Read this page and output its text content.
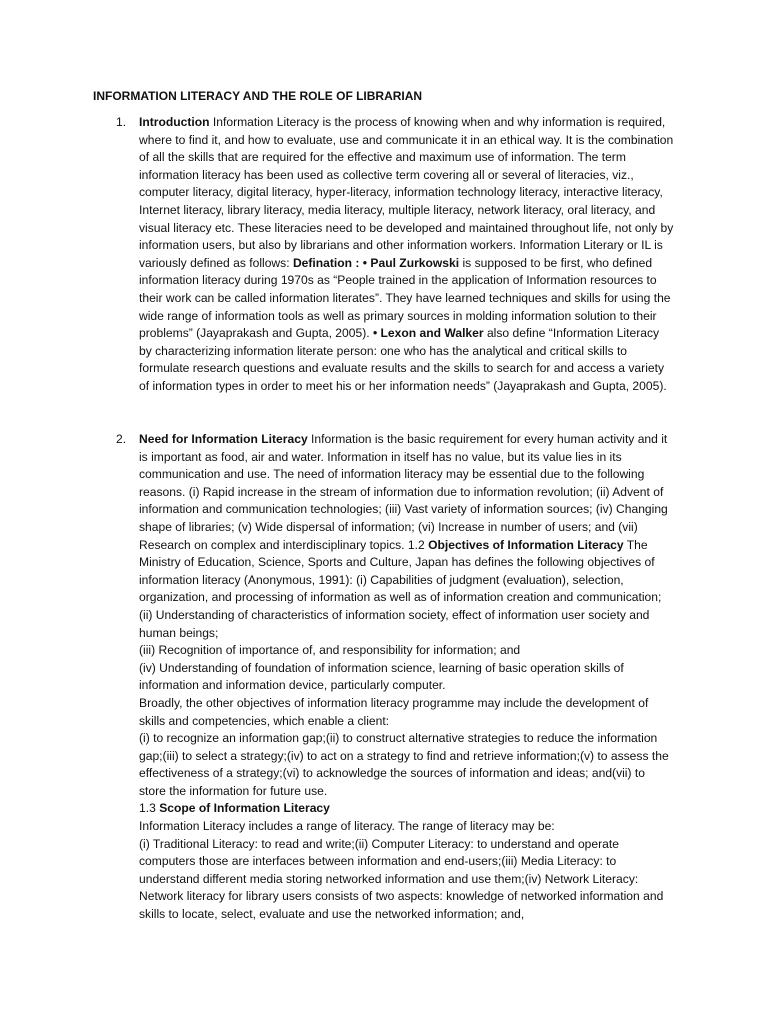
INFORMATION LITERACY AND THE ROLE OF LIBRARIAN

1. Introduction Information Literacy is the process of knowing when and why information is required, where to find it, and how to evaluate, use and communicate it in an ethical way. It is the combination of all the skills that are required for the effective and maximum use of information. The term information literacy has been used as collective term covering all or several of literacies, viz., computer literacy, digital literacy, hyper-literacy, information technology literacy, interactive literacy, Internet literacy, library literacy, media literacy, multiple literacy, network literacy, oral literacy, and visual literacy etc. These literacies need to be developed and maintained throughout life, not only by information users, but also by librarians and other information workers. Information Literary or IL is variously defined as follows: Defination : • Paul Zurkowski is supposed to be first, who defined information literacy during 1970s as “People trained in the application of Information resources to their work can be called information literates”. They have learned techniques and skills for using the wide range of information tools as well as primary sources in molding information solution to their problems” (Jayaprakash and Gupta, 2005). • Lexon and Walker also define “Information Literacy by characterizing information literate person: one who has the analytical and critical skills to formulate research questions and evaluate results and the skills to search for and access a variety of information types in order to meet his or her information needs” (Jayaprakash and Gupta, 2005).

2. Need for Information Literacy Information is the basic requirement for every human activity and it is important as food, air and water. Information in itself has no value, but its value lies in its communication and use. The need of information literacy may be essential due to the following reasons. (i) Rapid increase in the stream of information due to information revolution; (ii) Advent of information and communication technologies; (iii) Vast variety of information sources; (iv) Changing shape of libraries; (v) Wide dispersal of information; (vi) Increase in number of users; and (vii) Research on complex and interdisciplinary topics. 1.2 Objectives of Information Literacy The Ministry of Education, Science, Sports and Culture, Japan has defines the following objectives of information literacy (Anonymous, 1991): (i) Capabilities of judgment (evaluation), selection, organization, and processing of information as well as of information creation and communication; (ii) Understanding of characteristics of information society, effect of information user society and human beings;

(iii) Recognition of importance of, and responsibility for information; and

(iv) Understanding of foundation of information science, learning of basic operation skills of information and information device, particularly computer.

Broadly, the other objectives of information literacy programme may include the development of skills and competencies, which enable a client:

(i) to recognize an information gap;(ii) to construct alternative strategies to reduce the information gap;(iii) to select a strategy;(iv) to act on a strategy to find and retrieve information;(v) to assess the effectiveness of a strategy;(vi) to acknowledge the sources of information and ideas; and(vii) to store the information for future use.

1.3 Scope of Information Literacy

Information Literacy includes a range of literacy. The range of literacy may be:

(i) Traditional Literacy: to read and write;(ii) Computer Literacy: to understand and operate computers those are interfaces between information and end-users;(iii) Media Literacy: to understand different media storing networked information and use them;(iv) Network Literacy: Network literacy for library users consists of two aspects: knowledge of networked information and skills to locate, select, evaluate and use the networked information; and,
